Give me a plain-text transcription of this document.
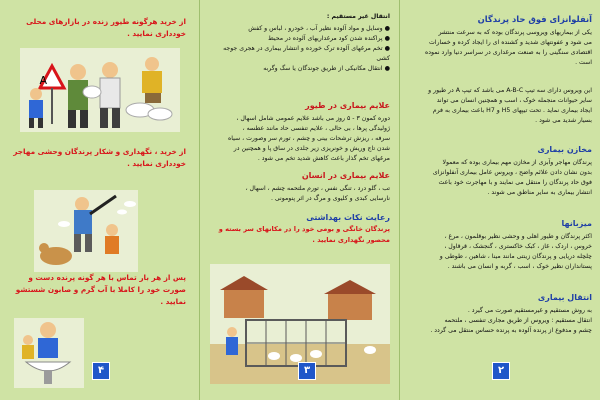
از خرید هرگونه طیور زنده در بازارهای محلی خودداری نمایید .

A

از خرید ، نگهداری و شکار پرندگان وحشی مهاجر خودداری نمایید .

پس از هر بار تماس با هر گونه پرنده دست و صورت خود را کاملا با آب گرم و صابون شستشو نمایید .

۴

انتقال غیر مستقیم :

● وسایل و مواد آلوده نظیر آب ، خودرو ، لباس و کفش

● پراکنده شدن کود مرغداریهای آلوده در محیط

● تخم مرغهای آلوده ترک خورده و انتشار بیماری در هجری جوجه کشی

● انتقال مکانیکی از طریق جوندگان یا سگ وگربه

علایم بیماری در طیور

دوره کمون ۳ - ۵ روز می باشد علایم عمومی شامل اسهال ،
ژولیدگی پرها ، بی حالی ، علایم تنفسی حاد مانند عطسه ،
سرفه ، ریزش ترشحات بینی و چشم ، تورم سر وصورت ، سیاه
شدن تاج وریش و خونریزی زیر جلدی در ساق پا و همچنین در
مرغهای تخم گذار باعث کاهش شدید تخم می شود .

علایم بیماری در انسان

تب ، گلو درد ، تنگی نفس ، تورم ملتحمه چشم ، اسهال ،
نارسایی کبدی و کلیوی و مرگ در اثر پنومونی .

رعایت نکات بهداشتی

پرندگان خانگی و بومی خود را در مکانهای سر بسته و محصور نگهداری نمایید .

۳

آنفلوانزای فوق حاد پرندگان

یکی از بیماریهای ویروسی پرندگان بوده که به سرعت منتشر
می شود و عفونتهای شدید و کشنده ای را ایجاد کرده و خسارات
اقتصادی سنگینی را به صنعت مرغداری در سراسر دنیا وارد نموده
است .
این ویروس دارای سه تیپ A-B-C می باشد که تیپ A در طیور و
سایر حیوانات منجمله خوک ، اسب و همچنین انسان می تواند
ایجاد بیماری نماید . تحت تیپهای H5 و H7 باعث بیماری به فرم
بسیار شدید می شود .

مخازن بیماری

پرندگان مهاجر وآبزی از مخازن مهم بیماری بوده که معمولا
بدون نشان دادن علائم واضح ، ویروس عامل بیماری آنفلوانزای
فوق حاد پرندگان را منتقل می نمایند و با مهاجرت خود باعث
انتشار بیماری به سایر مناطق می شوند .

میزبانها

اکثر پرندگان و طیور اهلی و وحشی نظیر بوقلمون ، مرغ ،
خروس ، اردک ، غاز ، کبک خاکستری ، گنجشک ، قرقاول ،
چلچله دریایی و پرندگان زینتی مانند مینا ، شاهین ، طوطی و
پستانداران نظیر خوک ، اسب ، گربه و انسان می باشند .

انتقال بیماری

به روش مستقیم و غیرمستقیم صورت می گیرد .
انتقال مستقیم : ویروس از طریق مجاری تنفسی ، ملتحمه
چشم و مدفوع از پرنده آلوده به پرنده حساس منتقل می گردد .
۲
